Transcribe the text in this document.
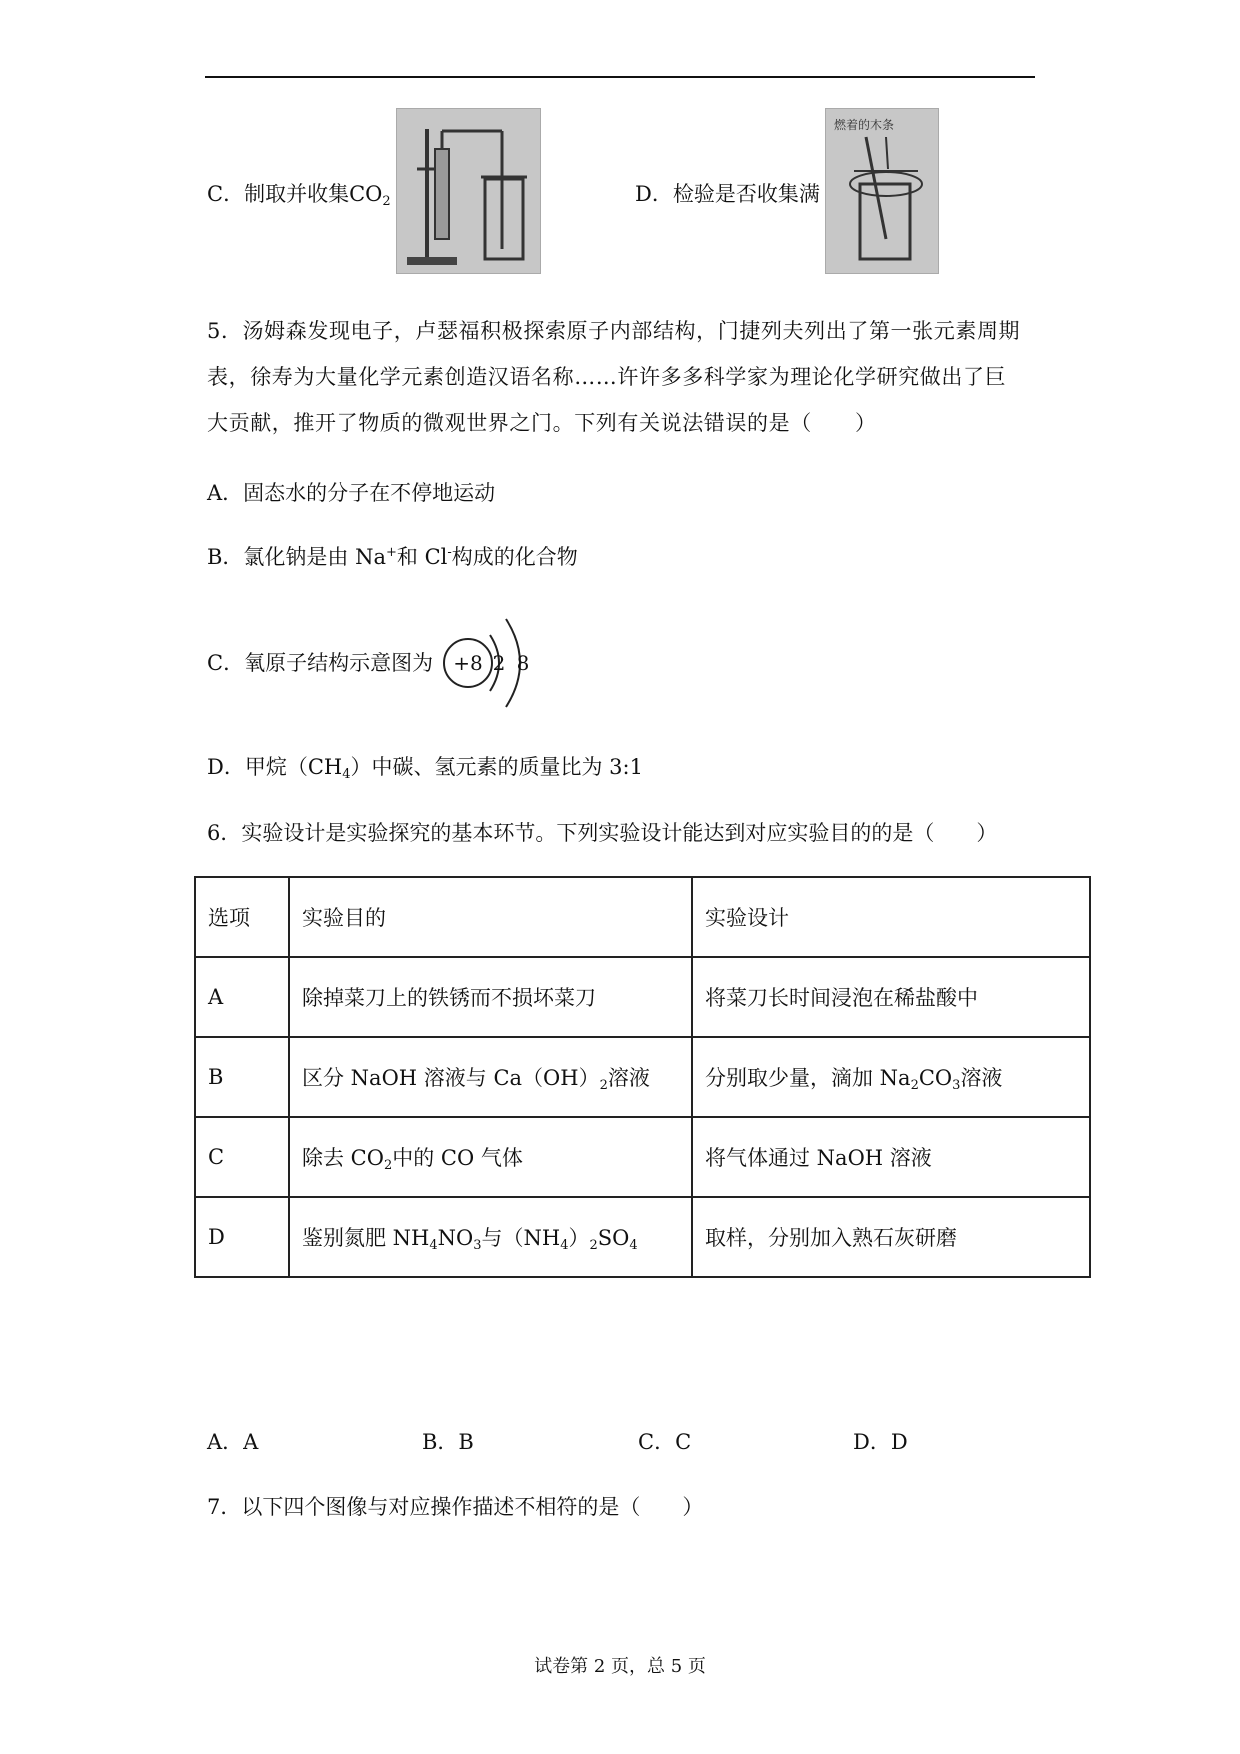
C．制取并收集$CO_2$	D．检验是否收集满
燃着的木条
5．汤姆森发现电子，卢瑟福积极探索原子内部结构，门捷列夫列出了第一张元素周期表，徐寿为大量化学元素创造汉语名称……许许多多科学家为理论化学研究做出了巨大贡献，推开了物质的微观世界之门。下列有关说法错误的是（　　）
A．固态水的分子在不停地运动
B．氯化钠是由 Na+和 Cl-构成的化合物
C．氧原子结构示意图为 +8 2 8
D．甲烷$(CH_4)$中碳、氢元素的质量比为 3:1
6．实验设计是实验探究的基本环节。下列实验设计能达到对应实验目的的是（　　）
选项	实验目的	实验设计
A	除掉菜刀上的铁锈而不损坏菜刀	将菜刀长时间浸泡在稀盐酸中
B	区分 NaOH 溶液与 $Ca(OH)_2$溶液	分别取少量，滴加 $Na_2CO_3$溶液
C	除去 $CO_2$中的 CO 气体	将气体通过 NaOH 溶液
D	鉴别氮肥 $NH_4NO_3$与$(NH_4)_2SO_4$	取样，分别加入熟石灰研磨
A．A	B．B	C．C	D．D
7．以下四个图像与对应操作描述不相符的是（　　）
试卷第 2 页，总 5 页
